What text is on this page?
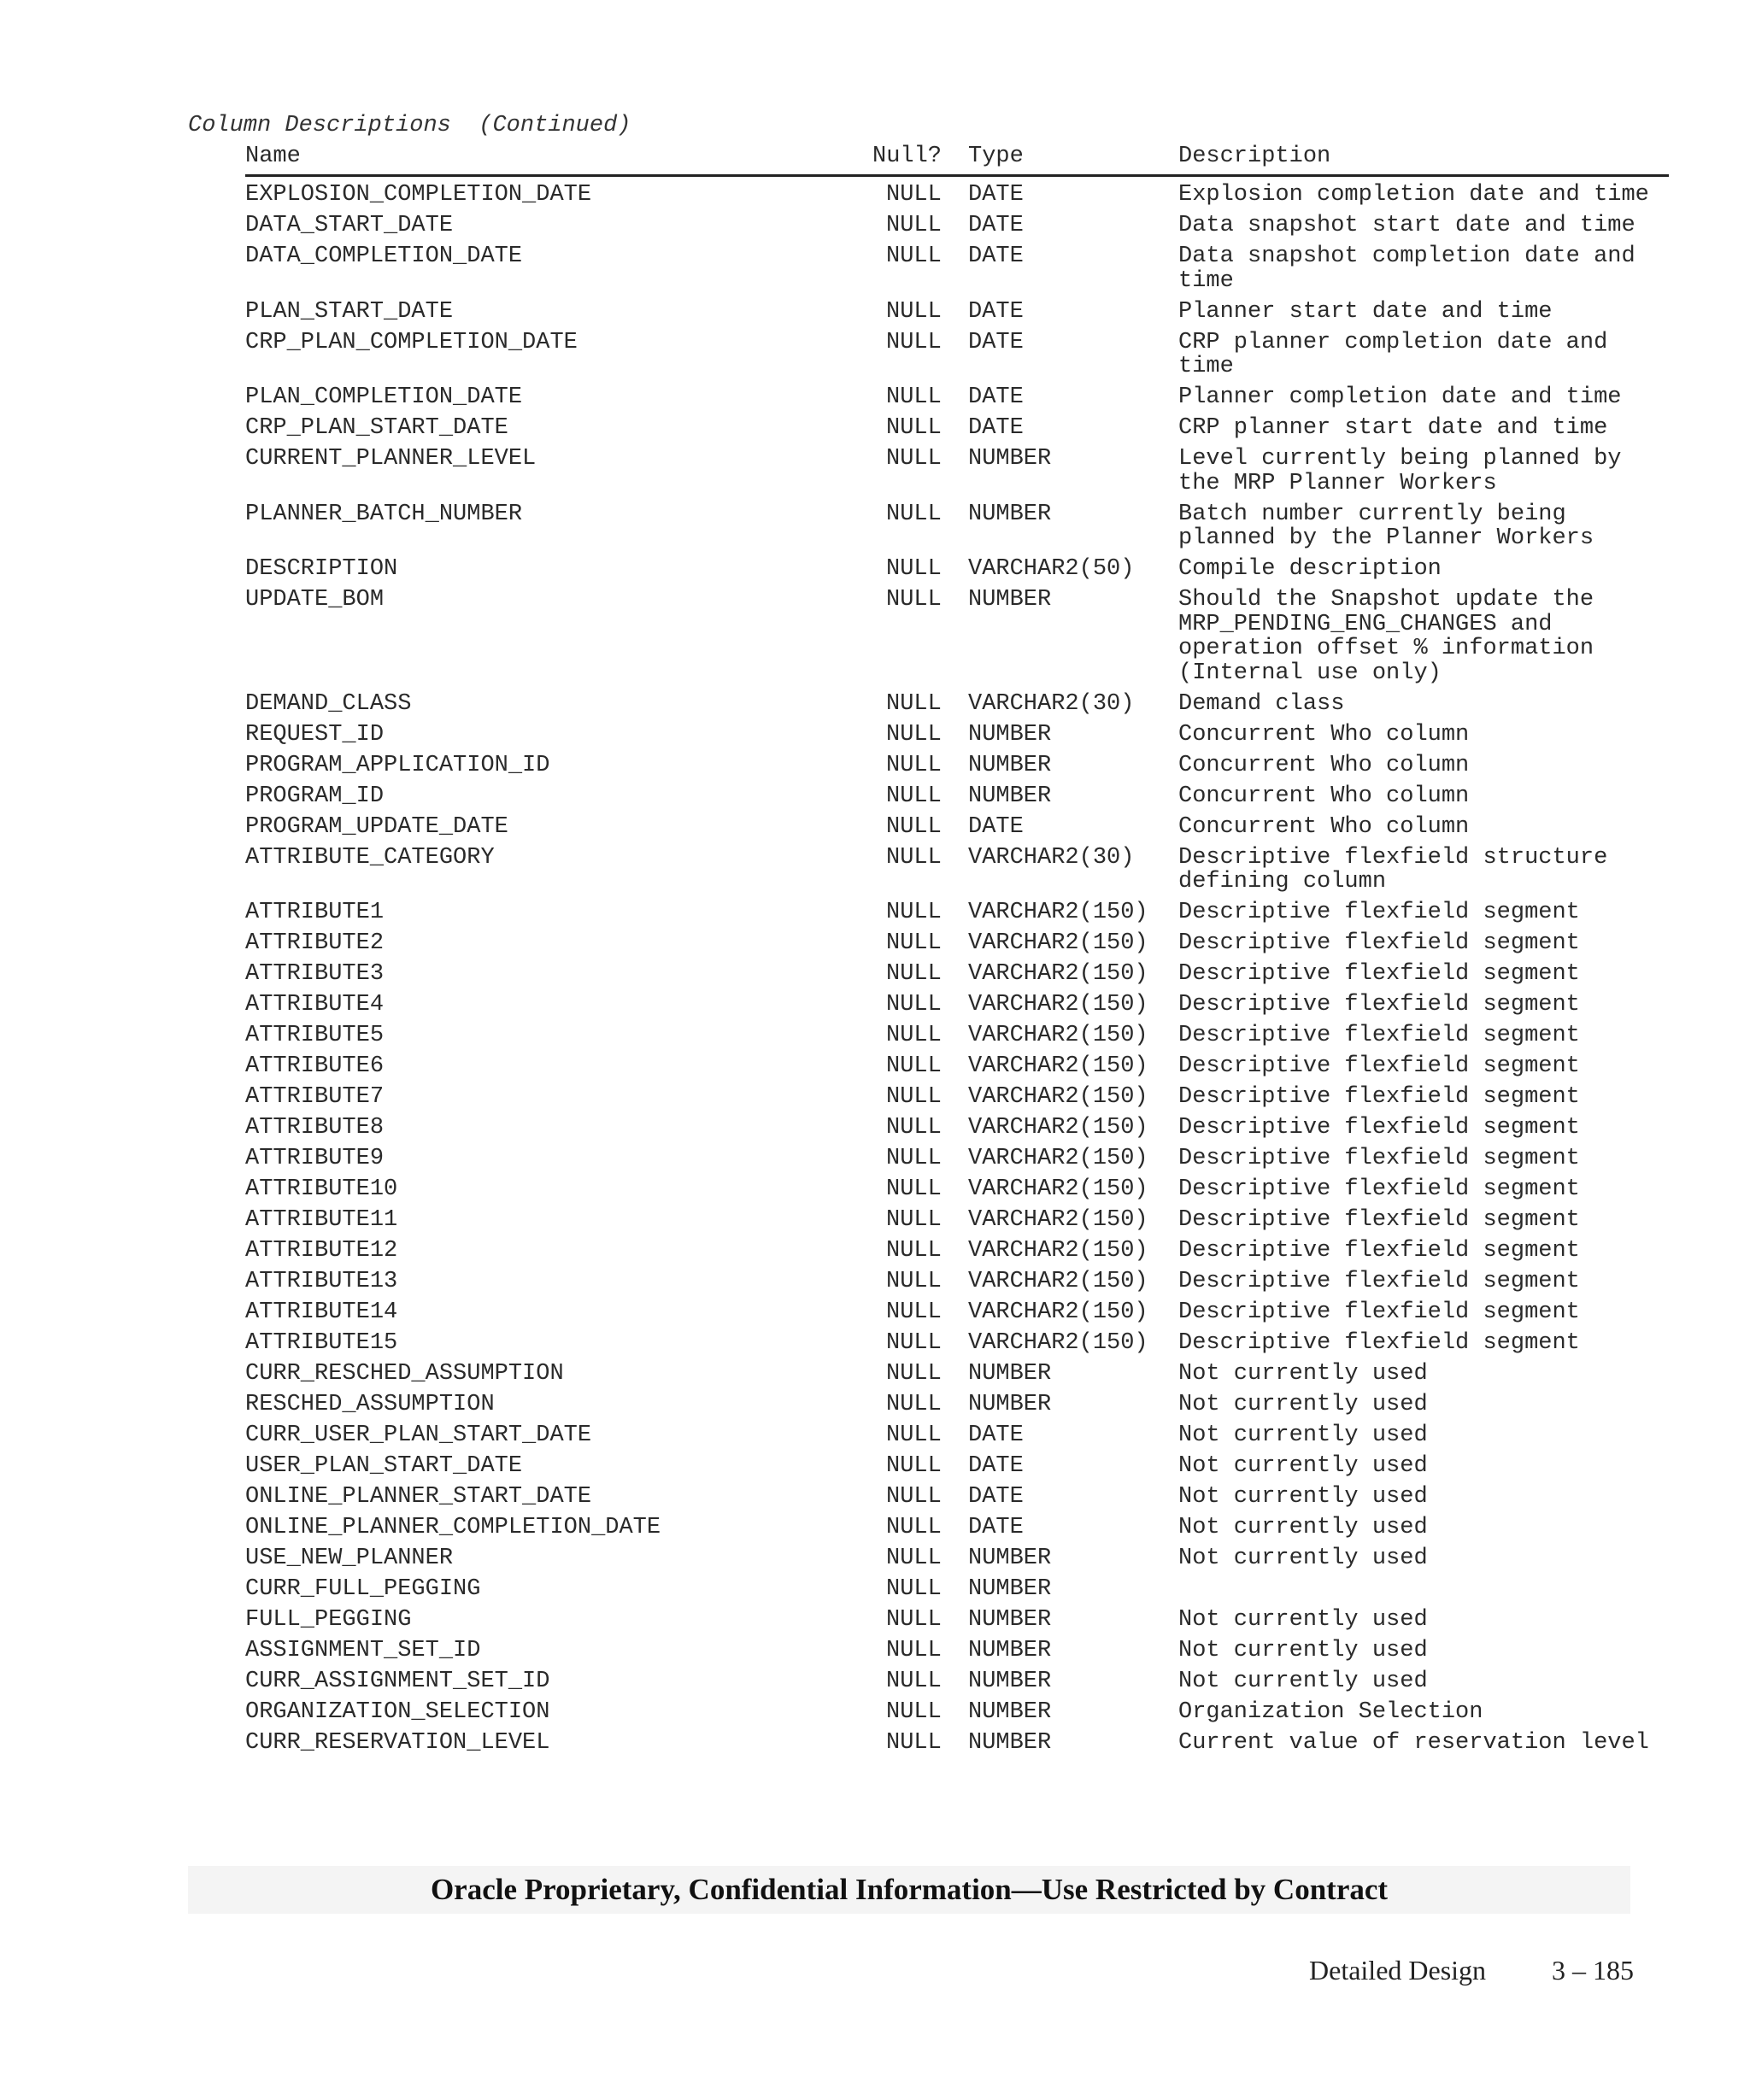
Column Descriptions  (Continued)
Name	Null? Type	Description
EXPLOSION_COMPLETION_DATE	NULL DATE	Explosion completion date and time
DATA_START_DATE	NULL DATE	Data snapshot start date and time
DATA_COMPLETION_DATE	NULL DATE	Data snapshot completion date and time
PLAN_START_DATE	NULL DATE	Planner start date and time
CRP_PLAN_COMPLETION_DATE	NULL DATE	CRP planner completion date and time
PLAN_COMPLETION_DATE	NULL DATE	Planner completion date and time
CRP_PLAN_START_DATE	NULL DATE	CRP planner start date and time
CURRENT_PLANNER_LEVEL	NULL NUMBER	Level currently being planned by the MRP Planner Workers
PLANNER_BATCH_NUMBER	NULL NUMBER	Batch number currently being planned by the Planner Workers
DESCRIPTION	NULL VARCHAR2(50) Compile description
UPDATE_BOM	NULL NUMBER	Should the Snapshot update the MRP_PENDING_ENG_CHANGES and operation offset % information (Internal use only)
DEMAND_CLASS	NULL VARCHAR2(30) Demand class
REQUEST_ID	NULL NUMBER	Concurrent Who column
PROGRAM_APPLICATION_ID	NULL NUMBER	Concurrent Who column
PROGRAM_ID	NULL NUMBER	Concurrent Who column
PROGRAM_UPDATE_DATE	NULL DATE	Concurrent Who column
ATTRIBUTE_CATEGORY	NULL VARCHAR2(30) Descriptive flexfield structure defining column
ATTRIBUTE1	NULL VARCHAR2(150) Descriptive flexfield segment
ATTRIBUTE2	NULL VARCHAR2(150) Descriptive flexfield segment
ATTRIBUTE3	NULL VARCHAR2(150) Descriptive flexfield segment
ATTRIBUTE4	NULL VARCHAR2(150) Descriptive flexfield segment
ATTRIBUTE5	NULL VARCHAR2(150) Descriptive flexfield segment
ATTRIBUTE6	NULL VARCHAR2(150) Descriptive flexfield segment
ATTRIBUTE7	NULL VARCHAR2(150) Descriptive flexfield segment
ATTRIBUTE8	NULL VARCHAR2(150) Descriptive flexfield segment
ATTRIBUTE9	NULL VARCHAR2(150) Descriptive flexfield segment
ATTRIBUTE10	NULL VARCHAR2(150) Descriptive flexfield segment
ATTRIBUTE11	NULL VARCHAR2(150) Descriptive flexfield segment
ATTRIBUTE12	NULL VARCHAR2(150) Descriptive flexfield segment
ATTRIBUTE13	NULL VARCHAR2(150) Descriptive flexfield segment
ATTRIBUTE14	NULL VARCHAR2(150) Descriptive flexfield segment
ATTRIBUTE15	NULL VARCHAR2(150) Descriptive flexfield segment
CURR_RESCHED_ASSUMPTION	NULL NUMBER	Not currently used
RESCHED_ASSUMPTION	NULL NUMBER	Not currently used
CURR_USER_PLAN_START_DATE	NULL DATE	Not currently used
USER_PLAN_START_DATE	NULL DATE	Not currently used
ONLINE_PLANNER_START_DATE	NULL DATE	Not currently used
ONLINE_PLANNER_COMPLETION_DATE	NULL DATE	Not currently used
USE_NEW_PLANNER	NULL NUMBER	Not currently used
CURR_FULL_PEGGING	NULL NUMBER
FULL_PEGGING	NULL NUMBER	Not currently used
ASSIGNMENT_SET_ID	NULL NUMBER	Not currently used
CURR_ASSIGNMENT_SET_ID	NULL NUMBER	Not currently used
ORGANIZATION_SELECTION	NULL NUMBER	Organization Selection
CURR_RESERVATION_LEVEL	NULL NUMBER	Current value of reservation level
Oracle Proprietary, Confidential Information––Use Restricted by Contract
Detailed Design 3 – 185
